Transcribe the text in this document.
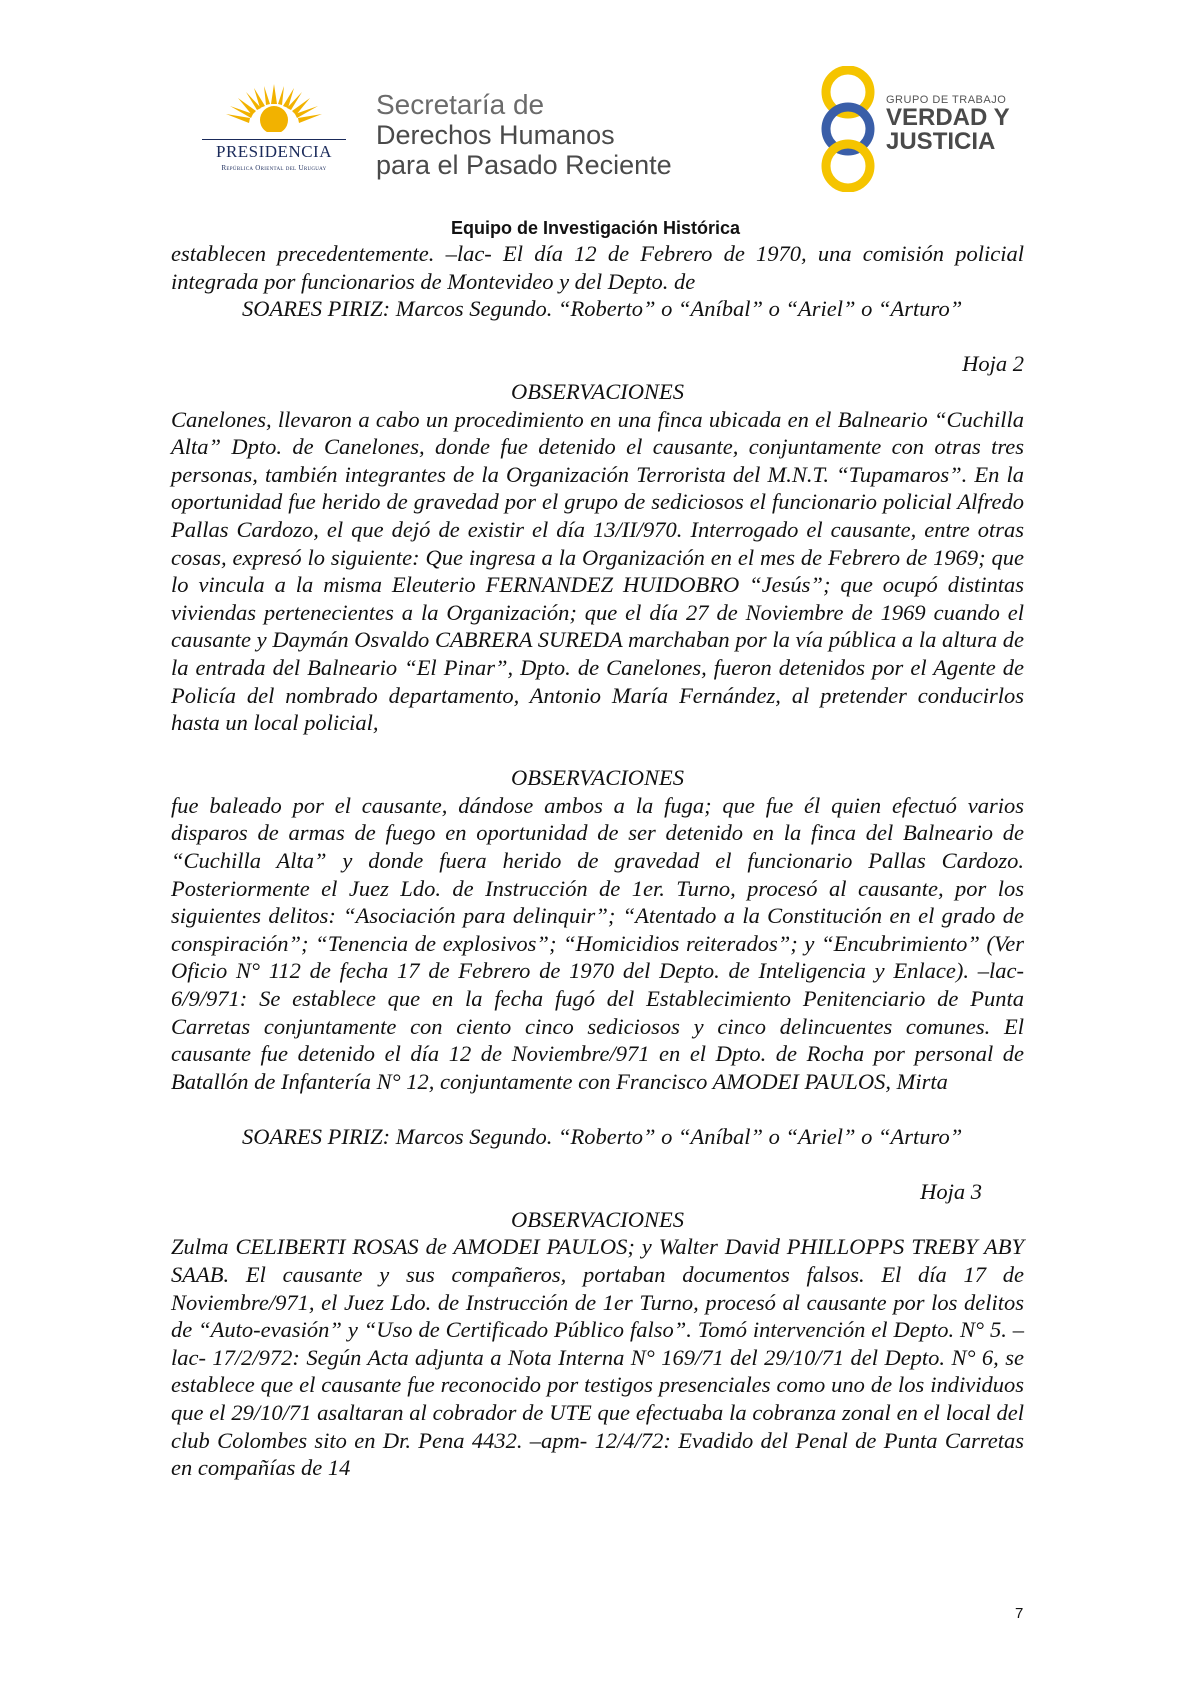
PRESIDENCIA
República Oriental del Uruguay
Secretaría de
Derechos Humanos
para el Pasado Reciente
GRUPO DE TRABAJO
VERDAD Y
JUSTICIA
Equipo de Investigación Histórica

establecen precedentemente. –lac- El día 12 de Febrero de 1970, una comisión policial integrada por funcionarios de Montevideo y del Depto. de

SOARES PIRIZ: Marcos Segundo. “Roberto” o “Aníbal” o “Ariel” o “Arturo”

Hoja 2

OBSERVACIONES

Canelones, llevaron a cabo un procedimiento en una finca ubicada en el Balneario “Cuchilla Alta” Dpto. de Canelones, donde fue detenido el causante, conjuntamente con otras tres personas, también integrantes de la Organización Terrorista del M.N.T. “Tupamaros”. En la oportunidad fue herido de gravedad por el grupo de sediciosos el funcionario policial Alfredo Pallas Cardozo, el que dejó de existir el día 13/II/970. Interrogado el causante, entre otras cosas, expresó lo siguiente: Que ingresa a la Organización en el mes de Febrero de 1969; que lo vincula a la misma Eleuterio FERNANDEZ HUIDOBRO “Jesús”; que ocupó distintas viviendas pertenecientes a la Organización; que el día 27 de Noviembre de 1969 cuando el causante y Daymán Osvaldo CABRERA SUREDA marchaban por la vía pública a la altura de la entrada del Balneario “El Pinar”, Dpto. de Canelones, fueron detenidos por el Agente de Policía del nombrado departamento, Antonio María Fernández, al pretender conducirlos hasta un local policial,

OBSERVACIONES

fue baleado por el causante, dándose ambos a la fuga; que fue él quien efectuó varios disparos de armas de fuego en oportunidad de ser detenido en la finca del Balneario de “Cuchilla Alta” y donde fuera herido de gravedad el funcionario Pallas Cardozo. Posteriormente el Juez Ldo. de Instrucción de 1er. Turno, procesó al causante, por los siguientes delitos: “Asociación para delinquir”; “Atentado a la Constitución en el grado de conspiración”; “Tenencia de explosivos”; “Homicidios reiterados”; y “Encubrimiento” (Ver Oficio N° 112 de fecha 17 de Febrero de 1970 del Depto. de Inteligencia y Enlace). –lac- 6/9/971: Se establece que en la fecha fugó del Establecimiento Penitenciario de Punta Carretas conjuntamente con ciento cinco sediciosos y cinco delincuentes comunes. El causante fue detenido el día 12 de Noviembre/971 en el Dpto. de Rocha por personal de Batallón de Infantería N° 12, conjuntamente con Francisco AMODEI PAULOS, Mirta

SOARES PIRIZ: Marcos Segundo. “Roberto” o “Aníbal” o “Ariel” o “Arturo”

Hoja 3

OBSERVACIONES

Zulma CELIBERTI ROSAS de AMODEI PAULOS; y Walter David PHILLOPPS TREBY ABY SAAB. El causante y sus compañeros, portaban documentos falsos. El día 17 de Noviembre/971, el Juez Ldo. de Instrucción de 1er Turno, procesó al causante por los delitos de “Auto-evasión” y “Uso de Certificado Público falso”. Tomó intervención el Depto. N° 5. –lac- 17/2/972: Según Acta adjunta a Nota Interna N° 169/71 del 29/10/71 del Depto. N° 6, se establece que el causante fue reconocido por testigos presenciales como uno de los individuos que el 29/10/71 asaltaran al cobrador de UTE que efectuaba la cobranza zonal en el local del club Colombes sito en Dr. Pena 4432. –apm- 12/4/72: Evadido del Penal de Punta Carretas en compañías de 14

7
